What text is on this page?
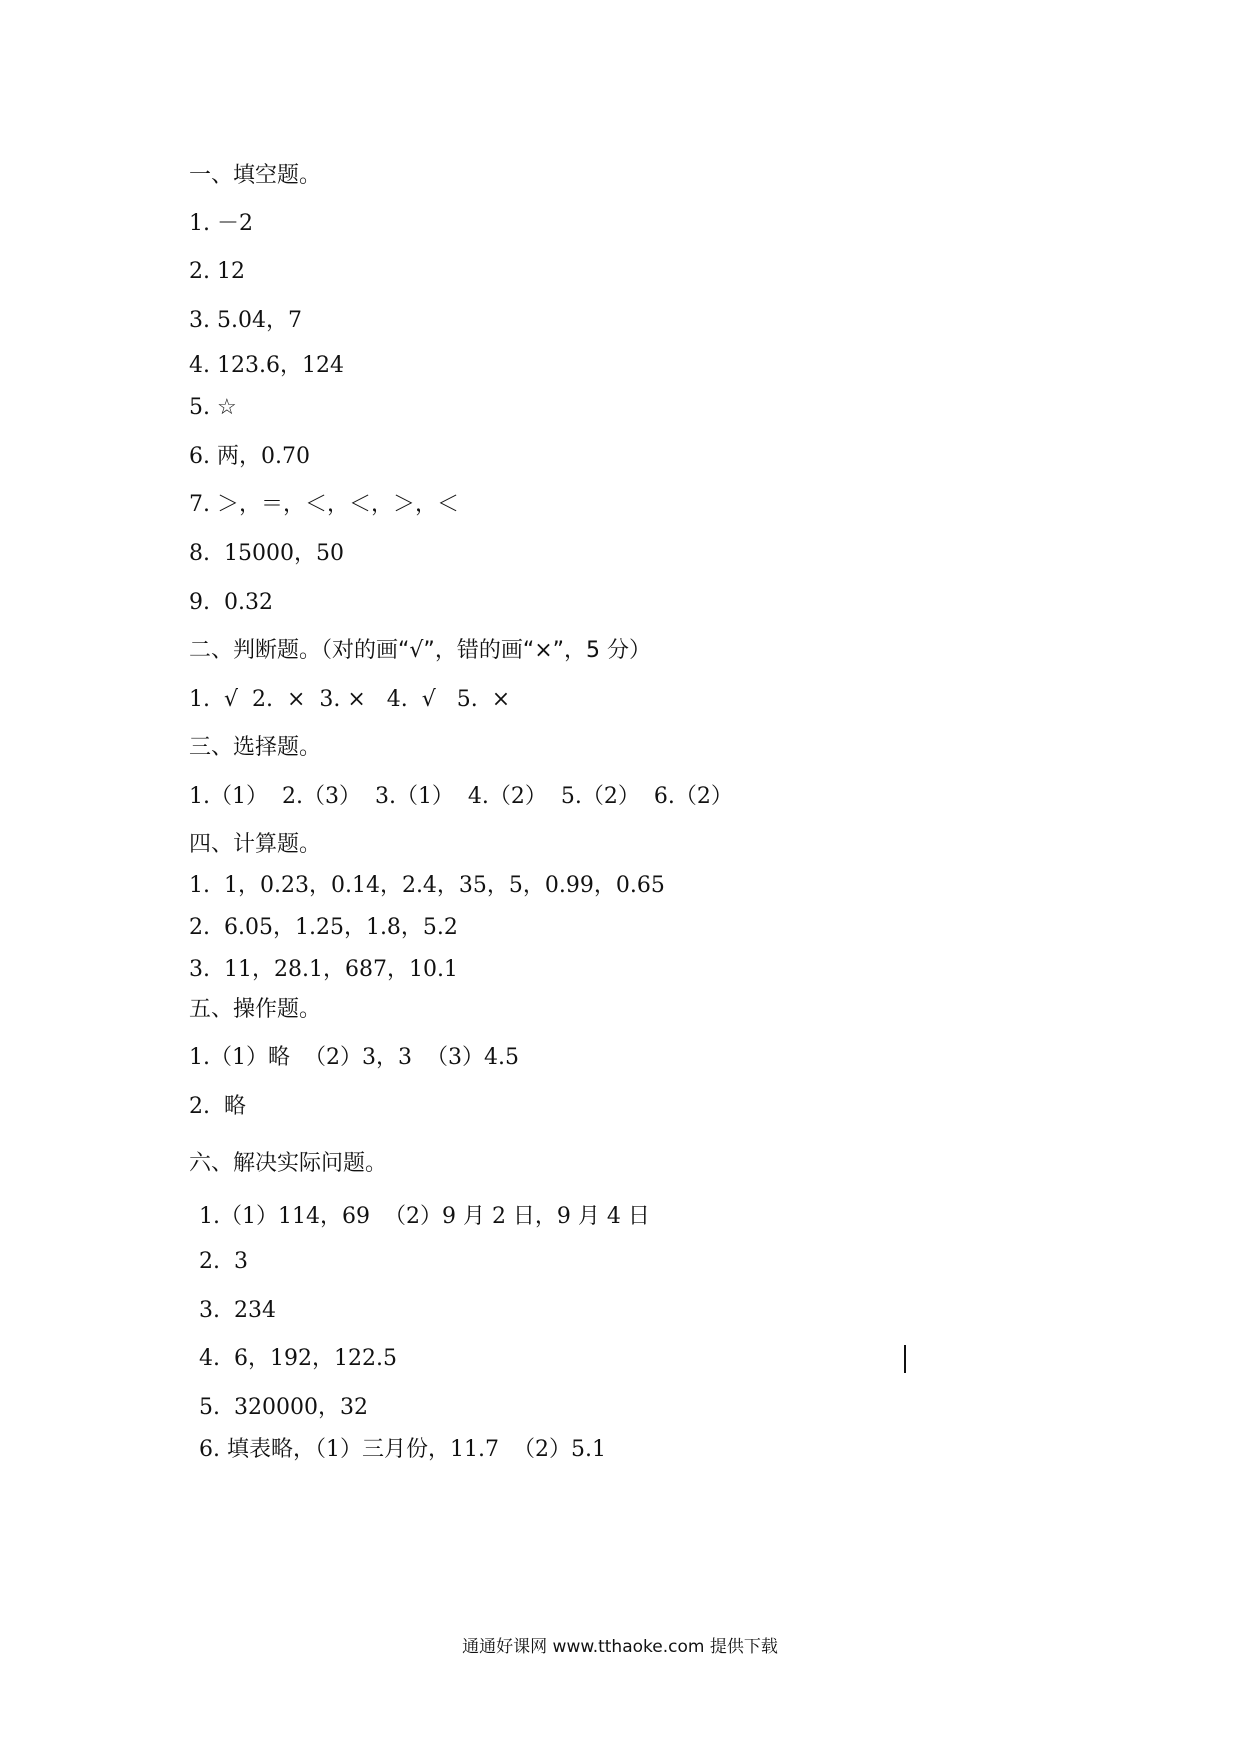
一、填空题。
1. －2
2. 12
3. 5.04，7
4. 123.6，124
5. ☆
6. 两，0.70
7. ＞，＝，＜，＜，＞，＜
8.  15000，50
9.  0.32
二、判断题。（对的画“√”，错的画“×”，5 分）
1.  √  2.  ×  3. ×   4.  √   5.  ×
三、选择题。
1.（1）  2.（3）  3.（1）  4.（2）  5.（2）  6.（2）
四、计算题。
1.  1，0.23，0.14，2.4，35，5，0.99，0.65
2.  6.05，1.25，1.8，5.2
3.  11，28.1，687，10.1
五、操作题。
1.（1）略  （2）3，3  （3）4.5
2.  略
六、解决实际问题。
1.（1）114，69  （2）9 月 2 日，9 月 4 日
2.  3
3.  234
4.  6，192，122.5
5.  320000，32
6. 填表略，（1）三月份，11.7  （2）5.1
通通好课网 www.tthaoke.com 提供下载
